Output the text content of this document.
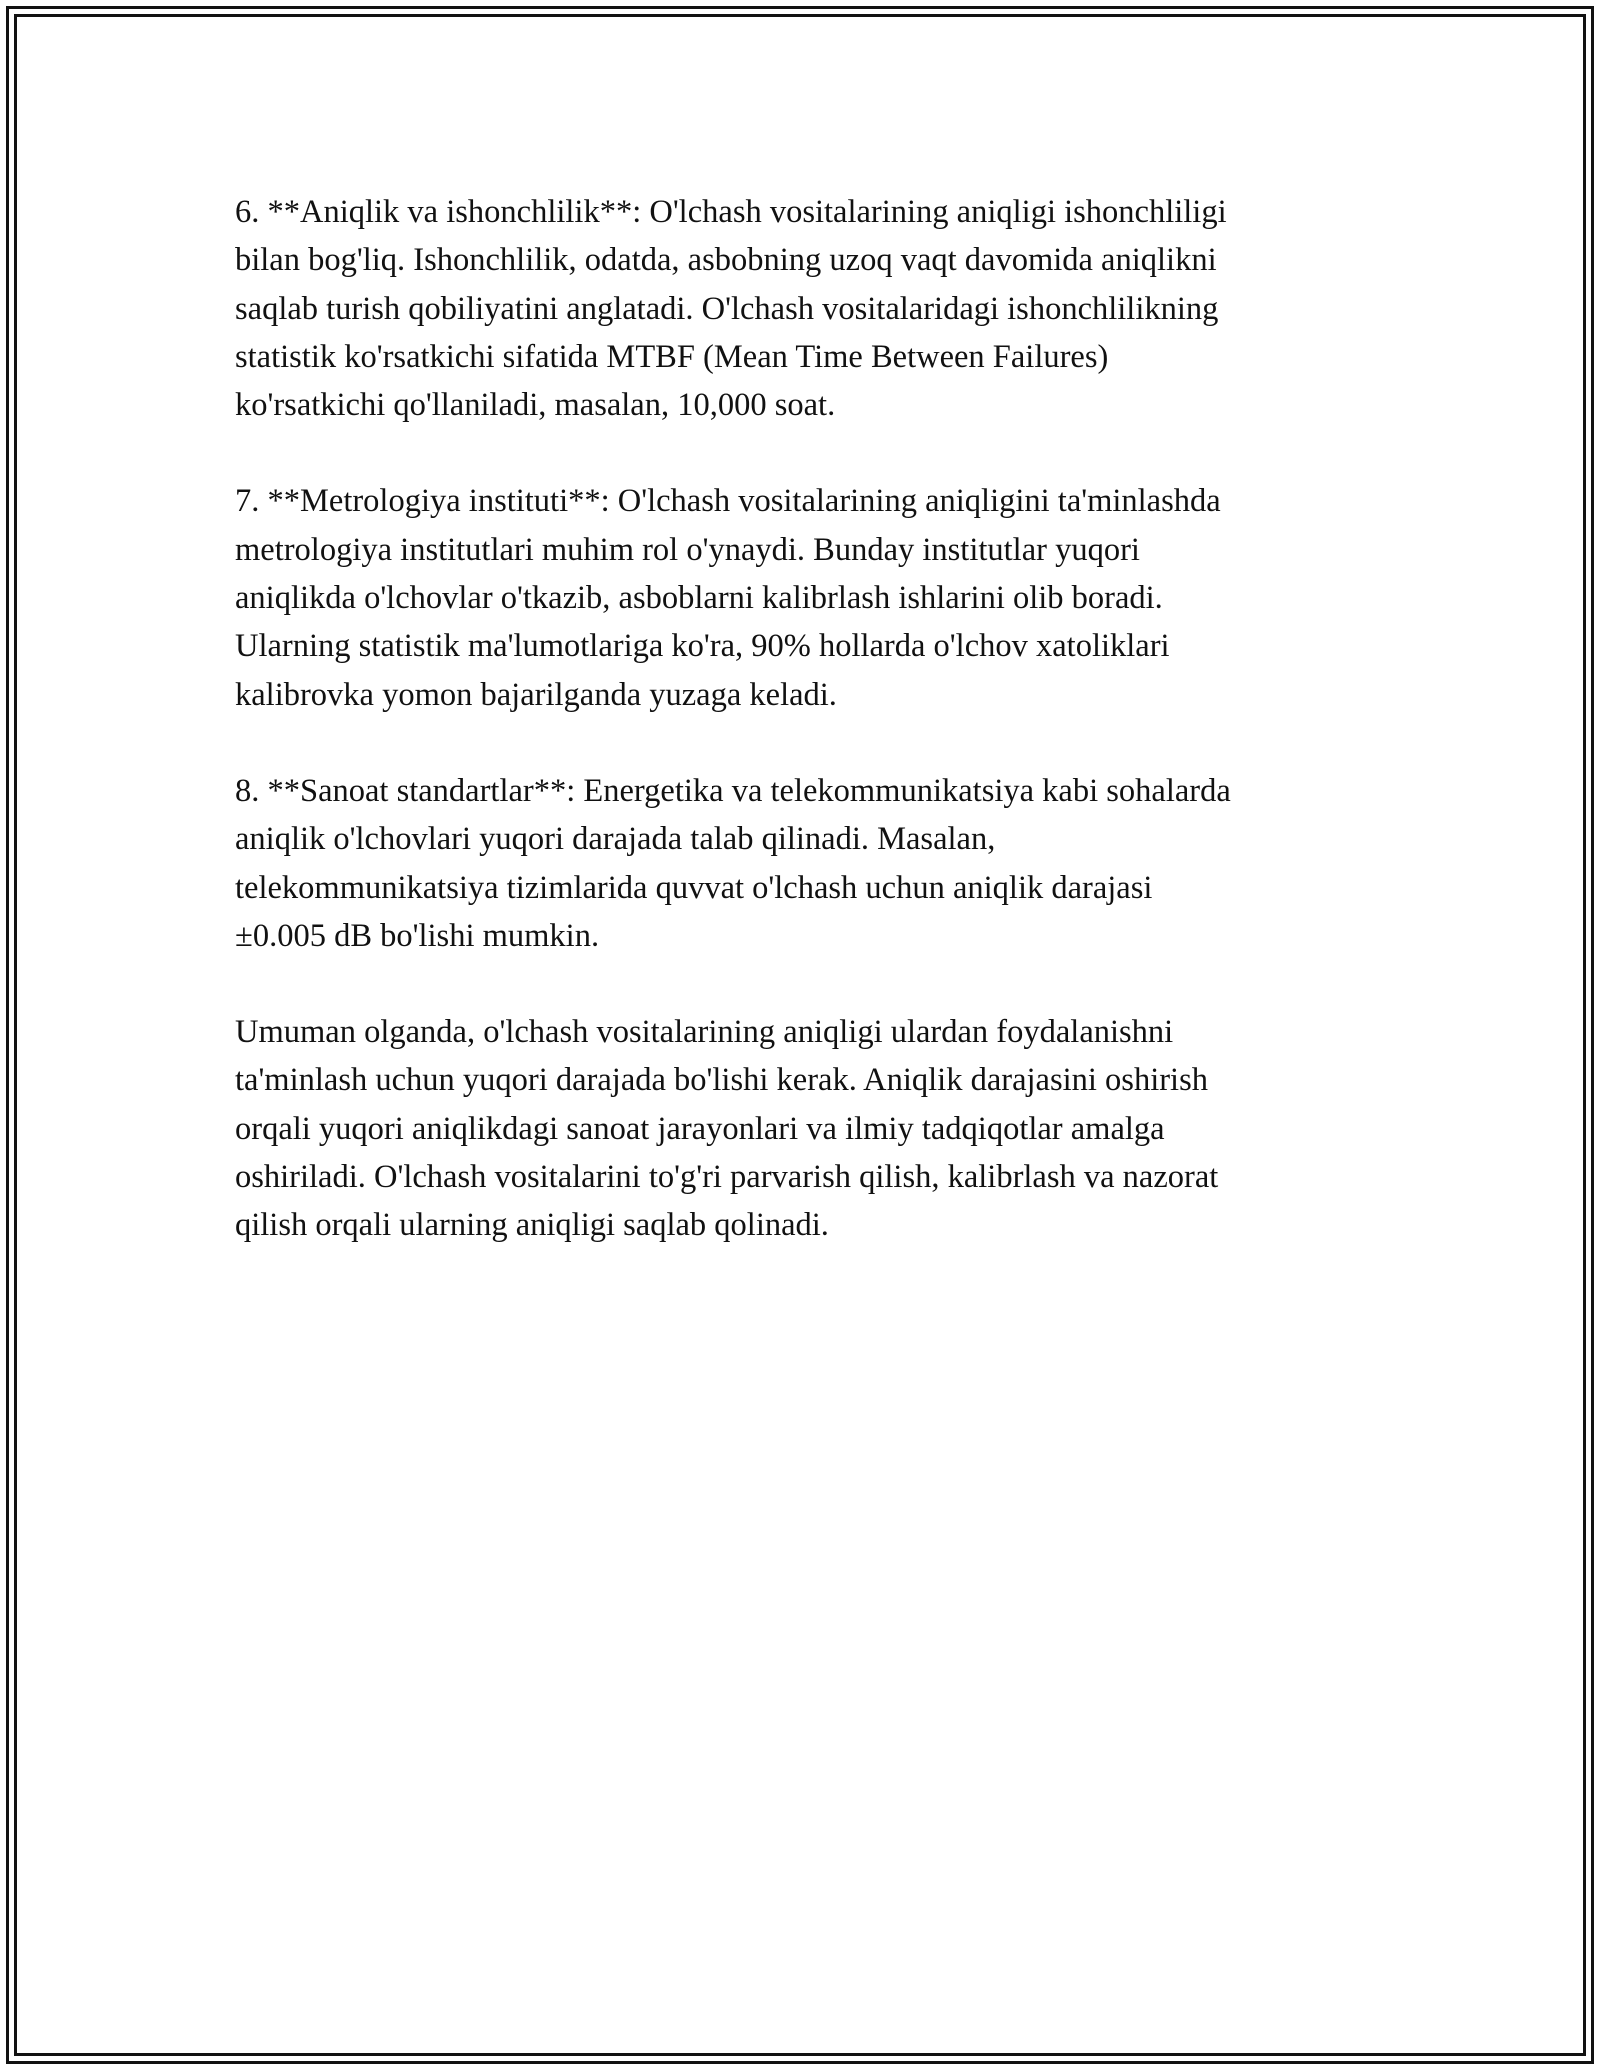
6. **Aniqlik va ishonchlilik**: O'lchash vositalarining aniqligi ishonchliligi
bilan bog'liq. Ishonchlilik, odatda, asbobning uzoq vaqt davomida aniqlikni
saqlab turish qobiliyatini anglatadi. O'lchash vositalaridagi ishonchlilikning
statistik ko'rsatkichi sifatida MTBF (Mean Time Between Failures)
ko'rsatkichi qo'llaniladi, masalan, 10,000 soat.

7. **Metrologiya instituti**: O'lchash vositalarining aniqligini ta'minlashda
metrologiya institutlari muhim rol o'ynaydi. Bunday institutlar yuqori
aniqlikda o'lchovlar o'tkazib, asboblarni kalibrlash ishlarini olib boradi.
Ularning statistik ma'lumotlariga ko'ra, 90% hollarda o'lchov xatoliklari
kalibrovka yomon bajarilganda yuzaga keladi.

8. **Sanoat standartlar**: Energetika va telekommunikatsiya kabi sohalarda
aniqlik o'lchovlari yuqori darajada talab qilinadi. Masalan,
telekommunikatsiya tizimlarida quvvat o'lchash uchun aniqlik darajasi
±0.005 dB bo'lishi mumkin.

Umuman olganda, o'lchash vositalarining aniqligi ulardan foydalanishni
ta'minlash uchun yuqori darajada bo'lishi kerak. Aniqlik darajasini oshirish
orqali yuqori aniqlikdagi sanoat jarayonlari va ilmiy tadqiqotlar amalga
oshiriladi. O'lchash vositalarini to'g'ri parvarish qilish, kalibrlash va nazorat
qilish orqali ularning aniqligi saqlab qolinadi.
